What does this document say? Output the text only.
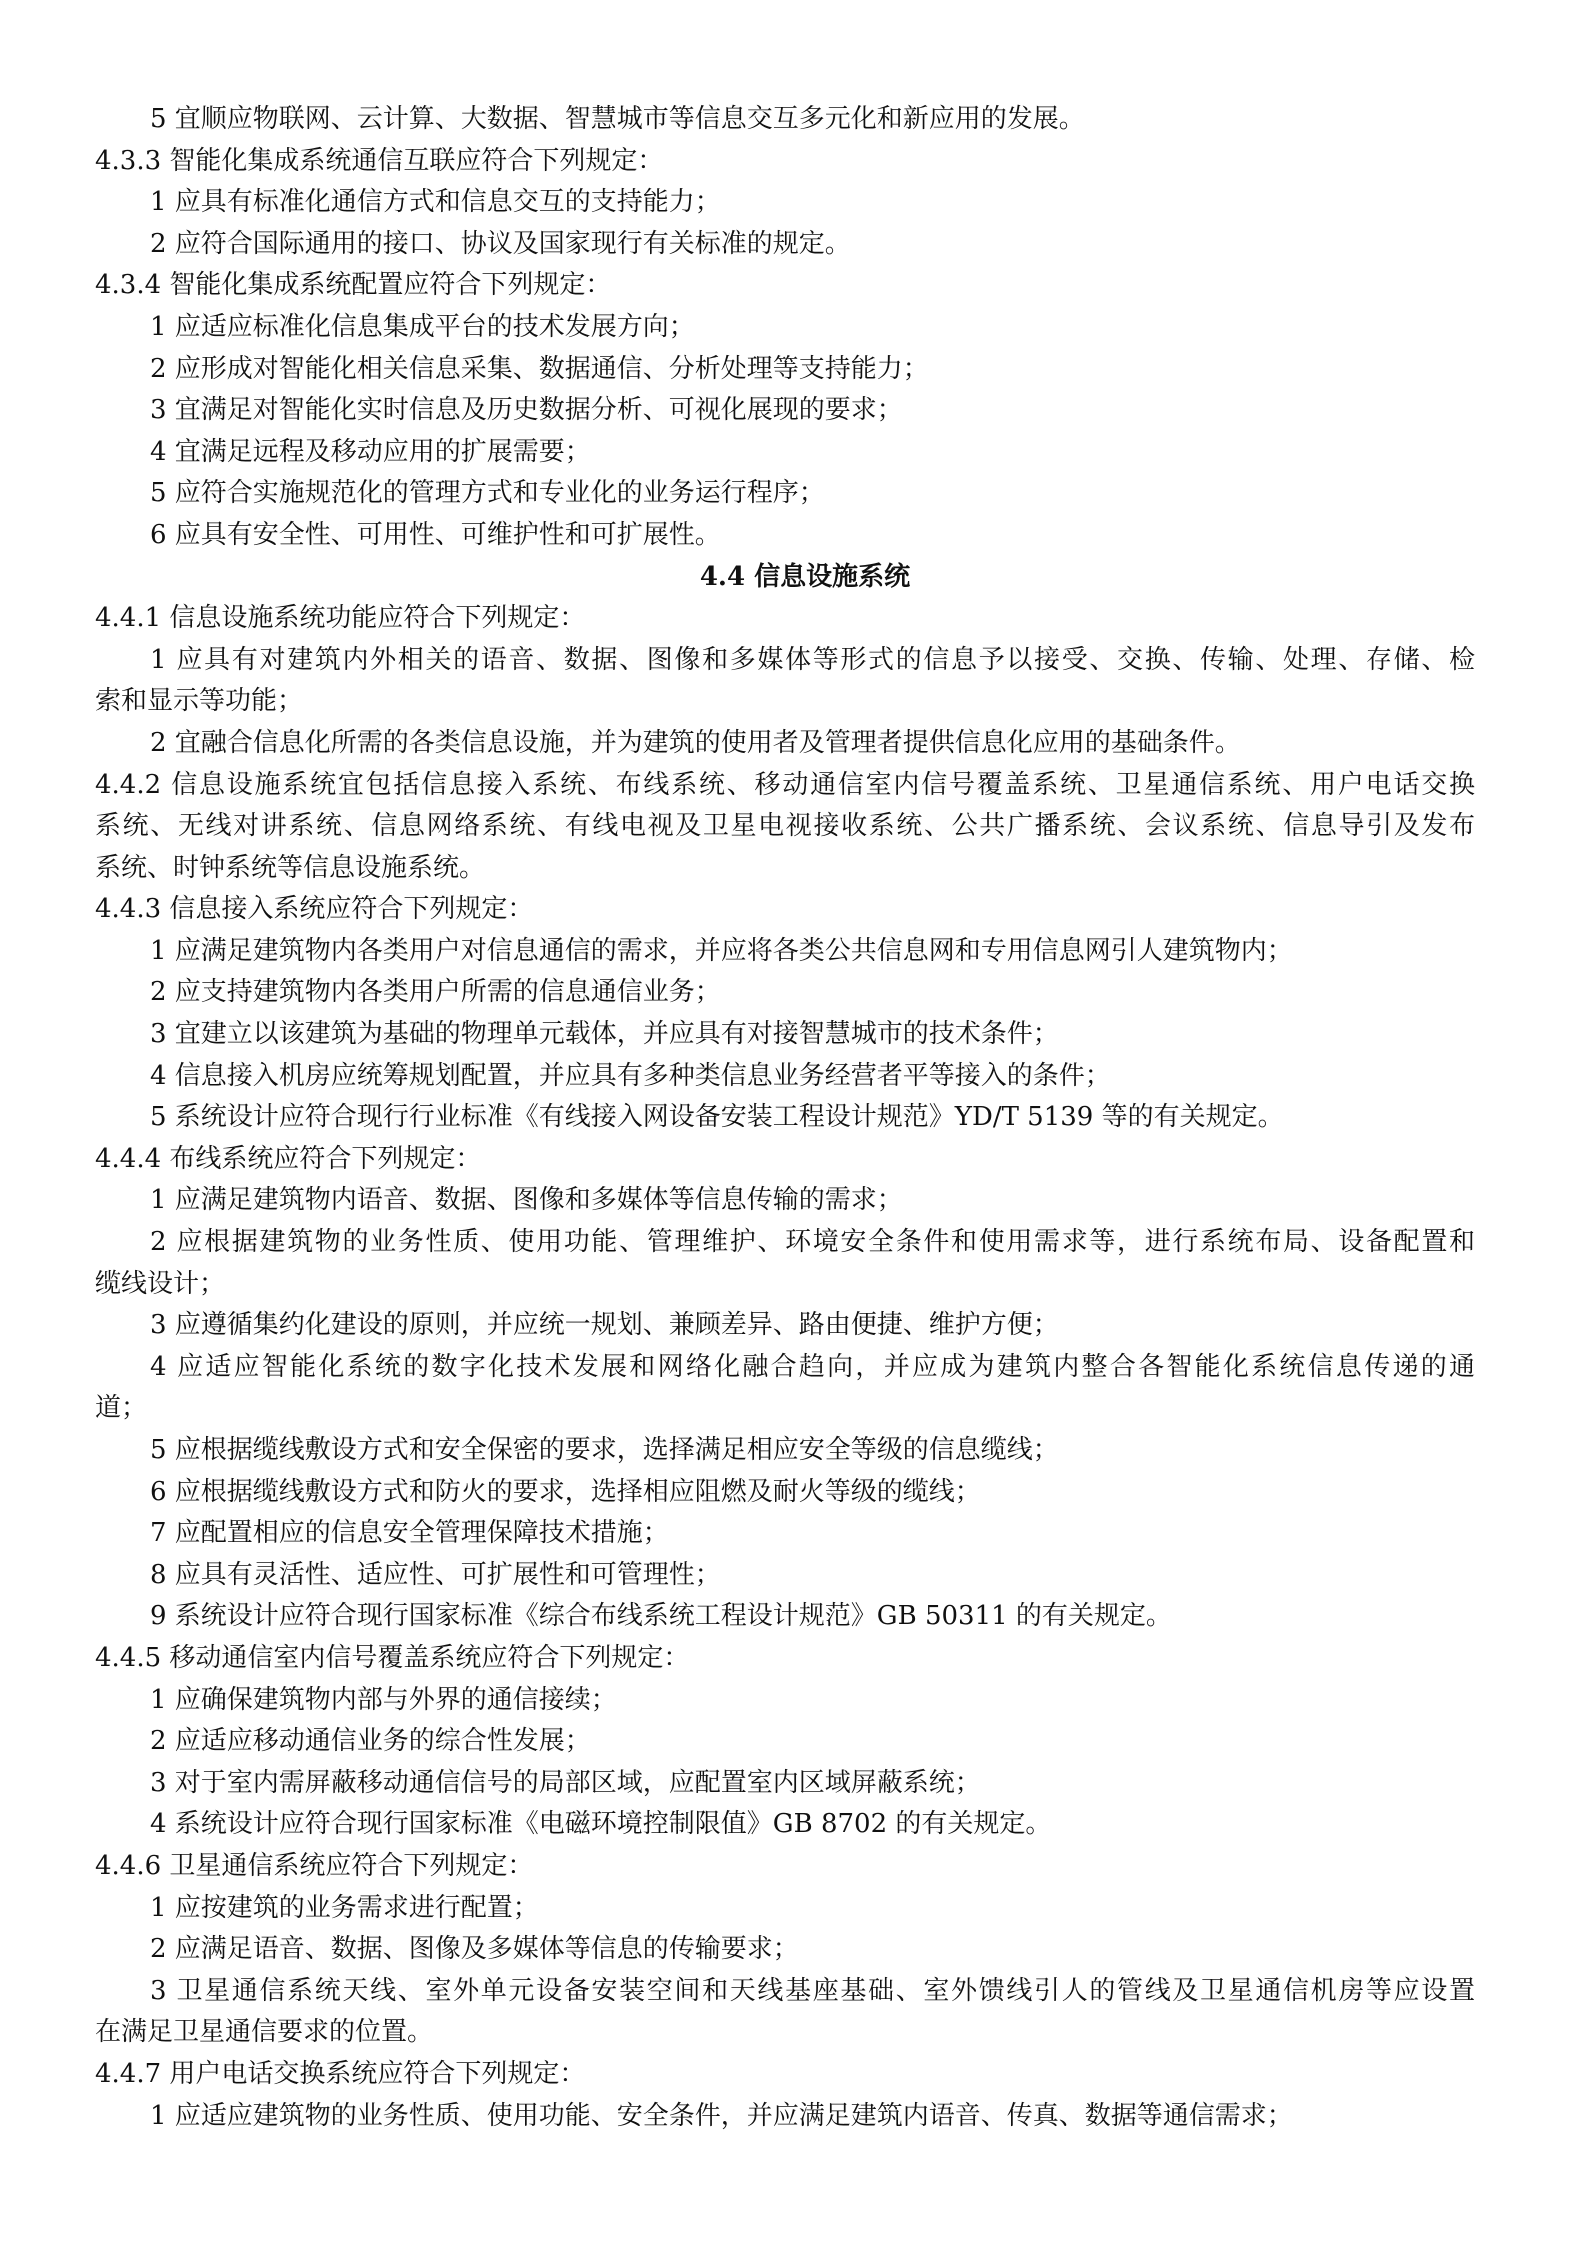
5 宜顺应物联网、云计算、大数据、智慧城市等信息交互多元化和新应用的发展。
4.3.3 智能化集成系统通信互联应符合下列规定：
1 应具有标准化通信方式和信息交互的支持能力；
2 应符合国际通用的接口、协议及国家现行有关标准的规定。
4.3.4 智能化集成系统配置应符合下列规定：
1 应适应标准化信息集成平台的技术发展方向；
2 应形成对智能化相关信息采集、数据通信、分析处理等支持能力；
3 宜满足对智能化实时信息及历史数据分析、可视化展现的要求；
4 宜满足远程及移动应用的扩展需要；
5 应符合实施规范化的管理方式和专业化的业务运行程序；
6 应具有安全性、可用性、可维护性和可扩展性。
4.4 信息设施系统
4.4.1 信息设施系统功能应符合下列规定：
1 应具有对建筑内外相关的语音、数据、图像和多媒体等形式的信息予以接受、交换、传输、处理、存储、检
索和显示等功能；
2 宜融合信息化所需的各类信息设施，并为建筑的使用者及管理者提供信息化应用的基础条件。
4.4.2 信息设施系统宜包括信息接入系统、布线系统、移动通信室内信号覆盖系统、卫星通信系统、用户电话交换
系统、无线对讲系统、信息网络系统、有线电视及卫星电视接收系统、公共广播系统、会议系统、信息导引及发布
系统、时钟系统等信息设施系统。
4.4.3 信息接入系统应符合下列规定：
1 应满足建筑物内各类用户对信息通信的需求，并应将各类公共信息网和专用信息网引人建筑物内；
2 应支持建筑物内各类用户所需的信息通信业务；
3 宜建立以该建筑为基础的物理单元载体，并应具有对接智慧城市的技术条件；
4 信息接入机房应统筹规划配置，并应具有多种类信息业务经营者平等接入的条件；
5 系统设计应符合现行行业标准《有线接入网设备安装工程设计规范》YD/T 5139 等的有关规定。
4.4.4 布线系统应符合下列规定：
1 应满足建筑物内语音、数据、图像和多媒体等信息传输的需求；
2 应根据建筑物的业务性质、使用功能、管理维护、环境安全条件和使用需求等，进行系统布局、设备配置和
缆线设计；
3 应遵循集约化建设的原则，并应统一规划、兼顾差异、路由便捷、维护方便；
4 应适应智能化系统的数字化技术发展和网络化融合趋向，并应成为建筑内整合各智能化系统信息传递的通
道；
5 应根据缆线敷设方式和安全保密的要求，选择满足相应安全等级的信息缆线；
6 应根据缆线敷设方式和防火的要求，选择相应阻燃及耐火等级的缆线；
7 应配置相应的信息安全管理保障技术措施；
8 应具有灵活性、适应性、可扩展性和可管理性；
9 系统设计应符合现行国家标准《综合布线系统工程设计规范》GB 50311 的有关规定。
4.4.5 移动通信室内信号覆盖系统应符合下列规定：
1 应确保建筑物内部与外界的通信接续；
2 应适应移动通信业务的综合性发展；
3 对于室内需屏蔽移动通信信号的局部区域，应配置室内区域屏蔽系统；
4 系统设计应符合现行国家标准《电磁环境控制限值》GB 8702 的有关规定。
4.4.6 卫星通信系统应符合下列规定：
1 应按建筑的业务需求进行配置；
2 应满足语音、数据、图像及多媒体等信息的传输要求；
3 卫星通信系统天线、室外单元设备安装空间和天线基座基础、室外馈线引人的管线及卫星通信机房等应设置
在满足卫星通信要求的位置。
4.4.7 用户电话交换系统应符合下列规定：
1 应适应建筑物的业务性质、使用功能、安全条件，并应满足建筑内语音、传真、数据等通信需求；
